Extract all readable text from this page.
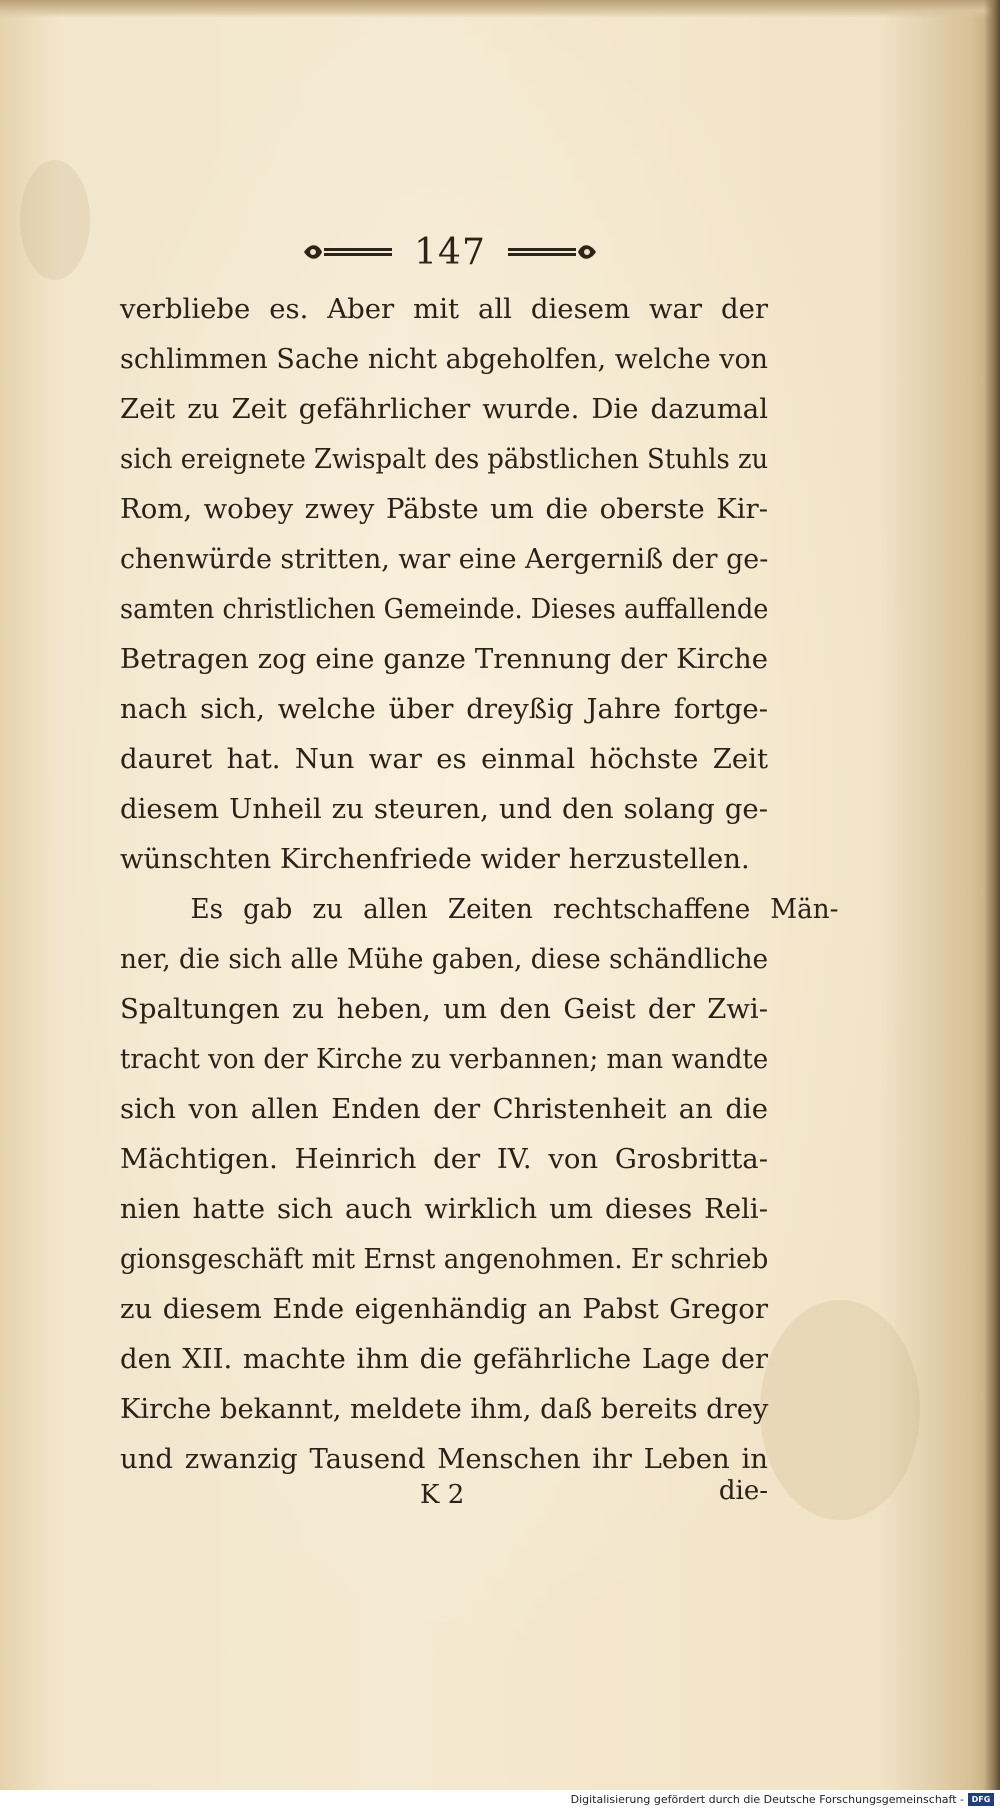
147
verbliebe es. Aber mit all diesem war der
schlimmen Sache nicht abgeholfen, welche von
Zeit zu Zeit gefährlicher wurde. Die dazumal
sich ereignete Zwispalt des päbstlichen Stuhls zu
Rom, wobey zwey Päbste um die oberste Kir-
chenwürde stritten, war eine Aergerniß der ge-
samten christlichen Gemeinde. Dieses auffallende
Betragen zog eine ganze Trennung der Kirche
nach sich, welche über dreyßig Jahre fortge-
dauret hat. Nun war es einmal höchste Zeit
diesem Unheil zu steuren, und den solang ge-
wünschten Kirchenfriede wider herzustellen.
Es gab zu allen Zeiten rechtschaffene Män-
ner, die sich alle Mühe gaben, diese schändliche
Spaltungen zu heben, um den Geist der Zwi-
tracht von der Kirche zu verbannen; man wandte
sich von allen Enden der Christenheit an die
Mächtigen. Heinrich der IV. von Grosbritta-
nien hatte sich auch wirklich um dieses Reli-
gionsgeschäft mit Ernst angenohmen. Er schrieb
zu diesem Ende eigenhändig an Pabst Gregor
den XII. machte ihm die gefährliche Lage der
Kirche bekannt, meldete ihm, daß bereits drey
und zwanzig Tausend Menschen ihr Leben in
K 2	die-
Digitalisierung gefördert durch die Deutsche Forschungsgemeinschaft - DFG
